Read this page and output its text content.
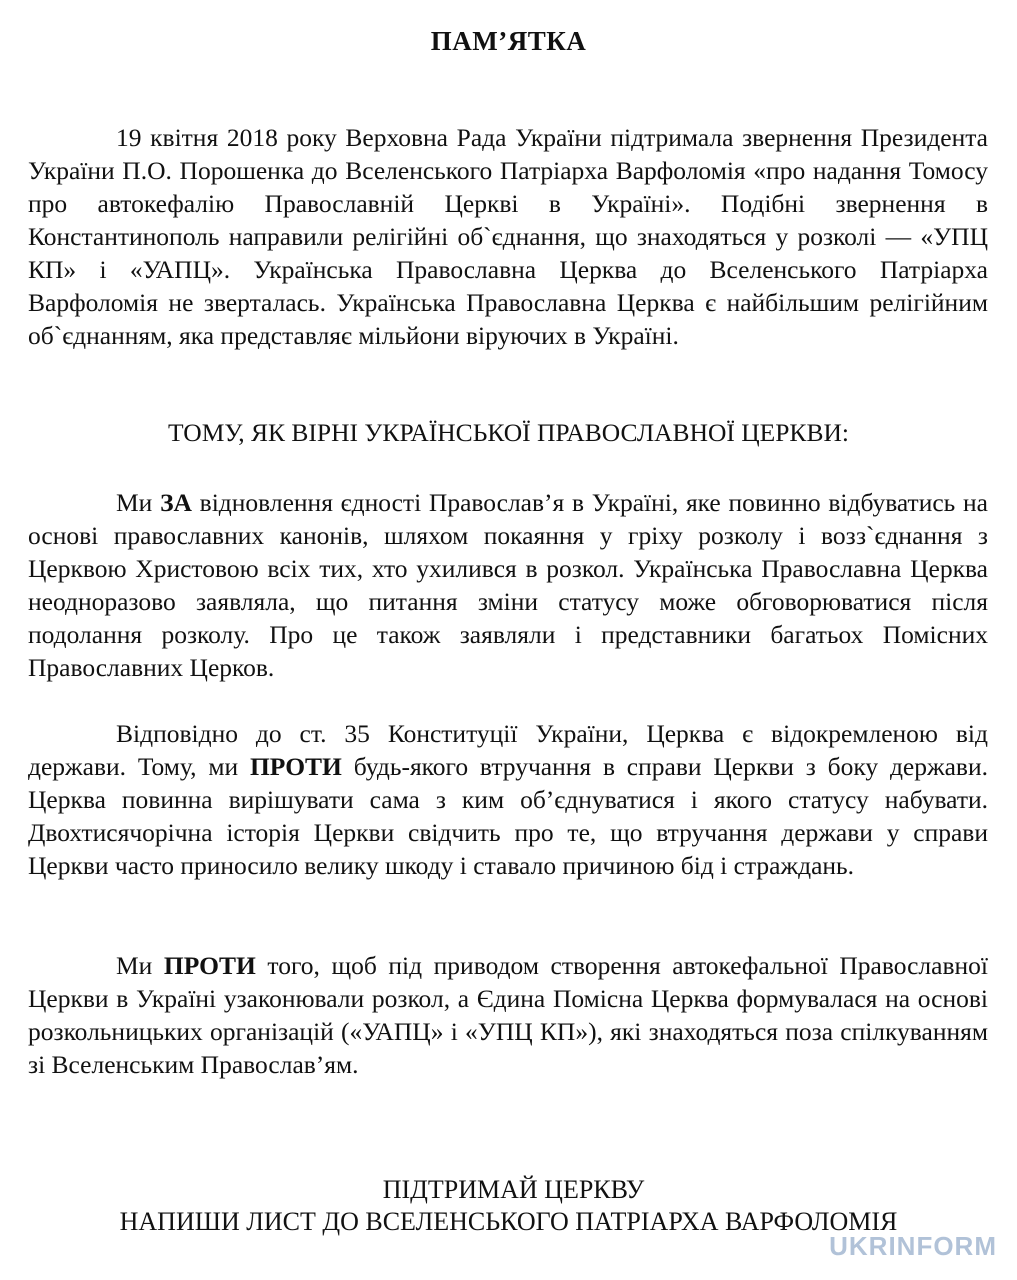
ПАМ’ЯТКА

19 квітня 2018 року Верховна Рада України підтримала звернення Президента України П.О. Порошенка до Вселенського Патріарха Варфоломія «про надання Томосу про автокефалію Православній Церкві в Україні». Подібні звернення в Константинополь направили релігійні об`єднання, що знаходяться у розколі — «УПЦ КП» і «УАПЦ». Українська Православна Церква до Вселенського Патріарха Варфоломія не зверталась. Українська Православна Церква є найбільшим релігійним об`єднанням, яка представляє мільйони віруючих в Україні.

ТОМУ, ЯК ВІРНІ УКРАЇНСЬКОЇ ПРАВОСЛАВНОЇ ЦЕРКВИ:

Ми ЗА відновлення єдності Православ’я в Україні, яке повинно відбуватись на основі православних канонів, шляхом покаяння у гріху розколу і возз`єднання з Церквою Христовою всіх тих, хто ухилився в розкол. Українська Православна Церква неодноразово заявляла, що питання зміни статусу може обговорюватися після подолання розколу. Про це також заявляли і представники багатьох Помісних Православних Церков.

Відповідно до ст. 35 Конституції України, Церква є відокремленою від держави. Тому, ми ПРОТИ будь-якого втручання в справи Церкви з боку держави. Церква повинна вирішувати сама з ким об’єднуватися і якого статусу набувати. Двохтисячорічна історія Церкви свідчить про те, що втручання держави у справи Церкви часто приносило велику шкоду і ставало причиною бід і страждань.

Ми ПРОТИ того, щоб під приводом створення автокефальної Православної Церкви в Україні узаконювали розкол, а Єдина Помісна Церква формувалася на основі розкольницьких організацій («УАПЦ» і «УПЦ КП»), які знаходяться поза спілкуванням зі Вселенським Православ’ям.

ПІДТРИМАЙ ЦЕРКВУ
НАПИШИ ЛИСТ ДО ВСЕЛЕНСЬКОГО ПАТРІАРХА ВАРФОЛОМІЯ
UKRINFORM
